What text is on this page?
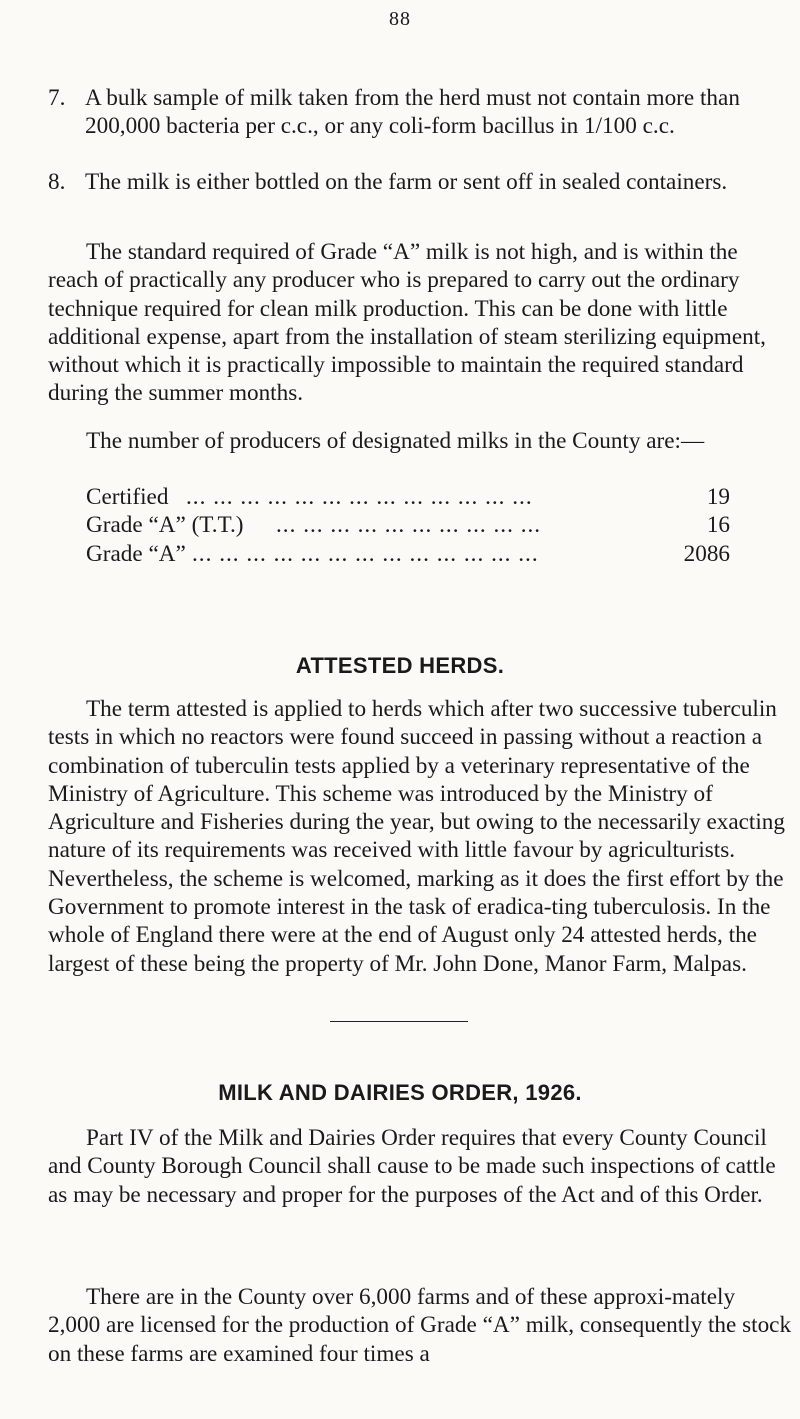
88
7. A bulk sample of milk taken from the herd must not contain more than 200,000 bacteria per c.c., or any coli-form bacillus in 1/100 c.c.
8. The milk is either bottled on the farm or sent off in sealed containers.
The standard required of Grade “A” milk is not high, and is within the reach of practically any producer who is prepared to carry out the ordinary technique required for clean milk production. This can be done with little additional expense, apart from the installation of steam sterilizing equipment, without which it is practically impossible to maintain the required standard during the summer months.
The number of producers of designated milks in the County are:—
Certified ... ... ... ... ... ... ... ... ... ... ... ... ...	19
Grade “A” (T.T.) ... ... ... ... ... ... ... ... ... ...	16
Grade “A” ... ... ... ... ... ... ... ... ... ... ... ... ...	2086
ATTESTED HERDS.
The term attested is applied to herds which after two successive tuberculin tests in which no reactors were found succeed in passing without a reaction a combination of tuberculin tests applied by a veterinary representative of the Ministry of Agriculture. This scheme was introduced by the Ministry of Agriculture and Fisheries during the year, but owing to the necessarily exacting nature of its requirements was received with little favour by agriculturists. Nevertheless, the scheme is welcomed, marking as it does the first effort by the Government to promote interest in the task of eradica-ting tuberculosis. In the whole of England there were at the end of August only 24 attested herds, the largest of these being the property of Mr. John Done, Manor Farm, Malpas.
MILK AND DAIRIES ORDER, 1926.
Part IV of the Milk and Dairies Order requires that every County Council and County Borough Council shall cause to be made such inspections of cattle as may be necessary and proper for the purposes of the Act and of this Order.
There are in the County over 6,000 farms and of these approxi-mately 2,000 are licensed for the production of Grade “A” milk, consequently the stock on these farms are examined four times a
